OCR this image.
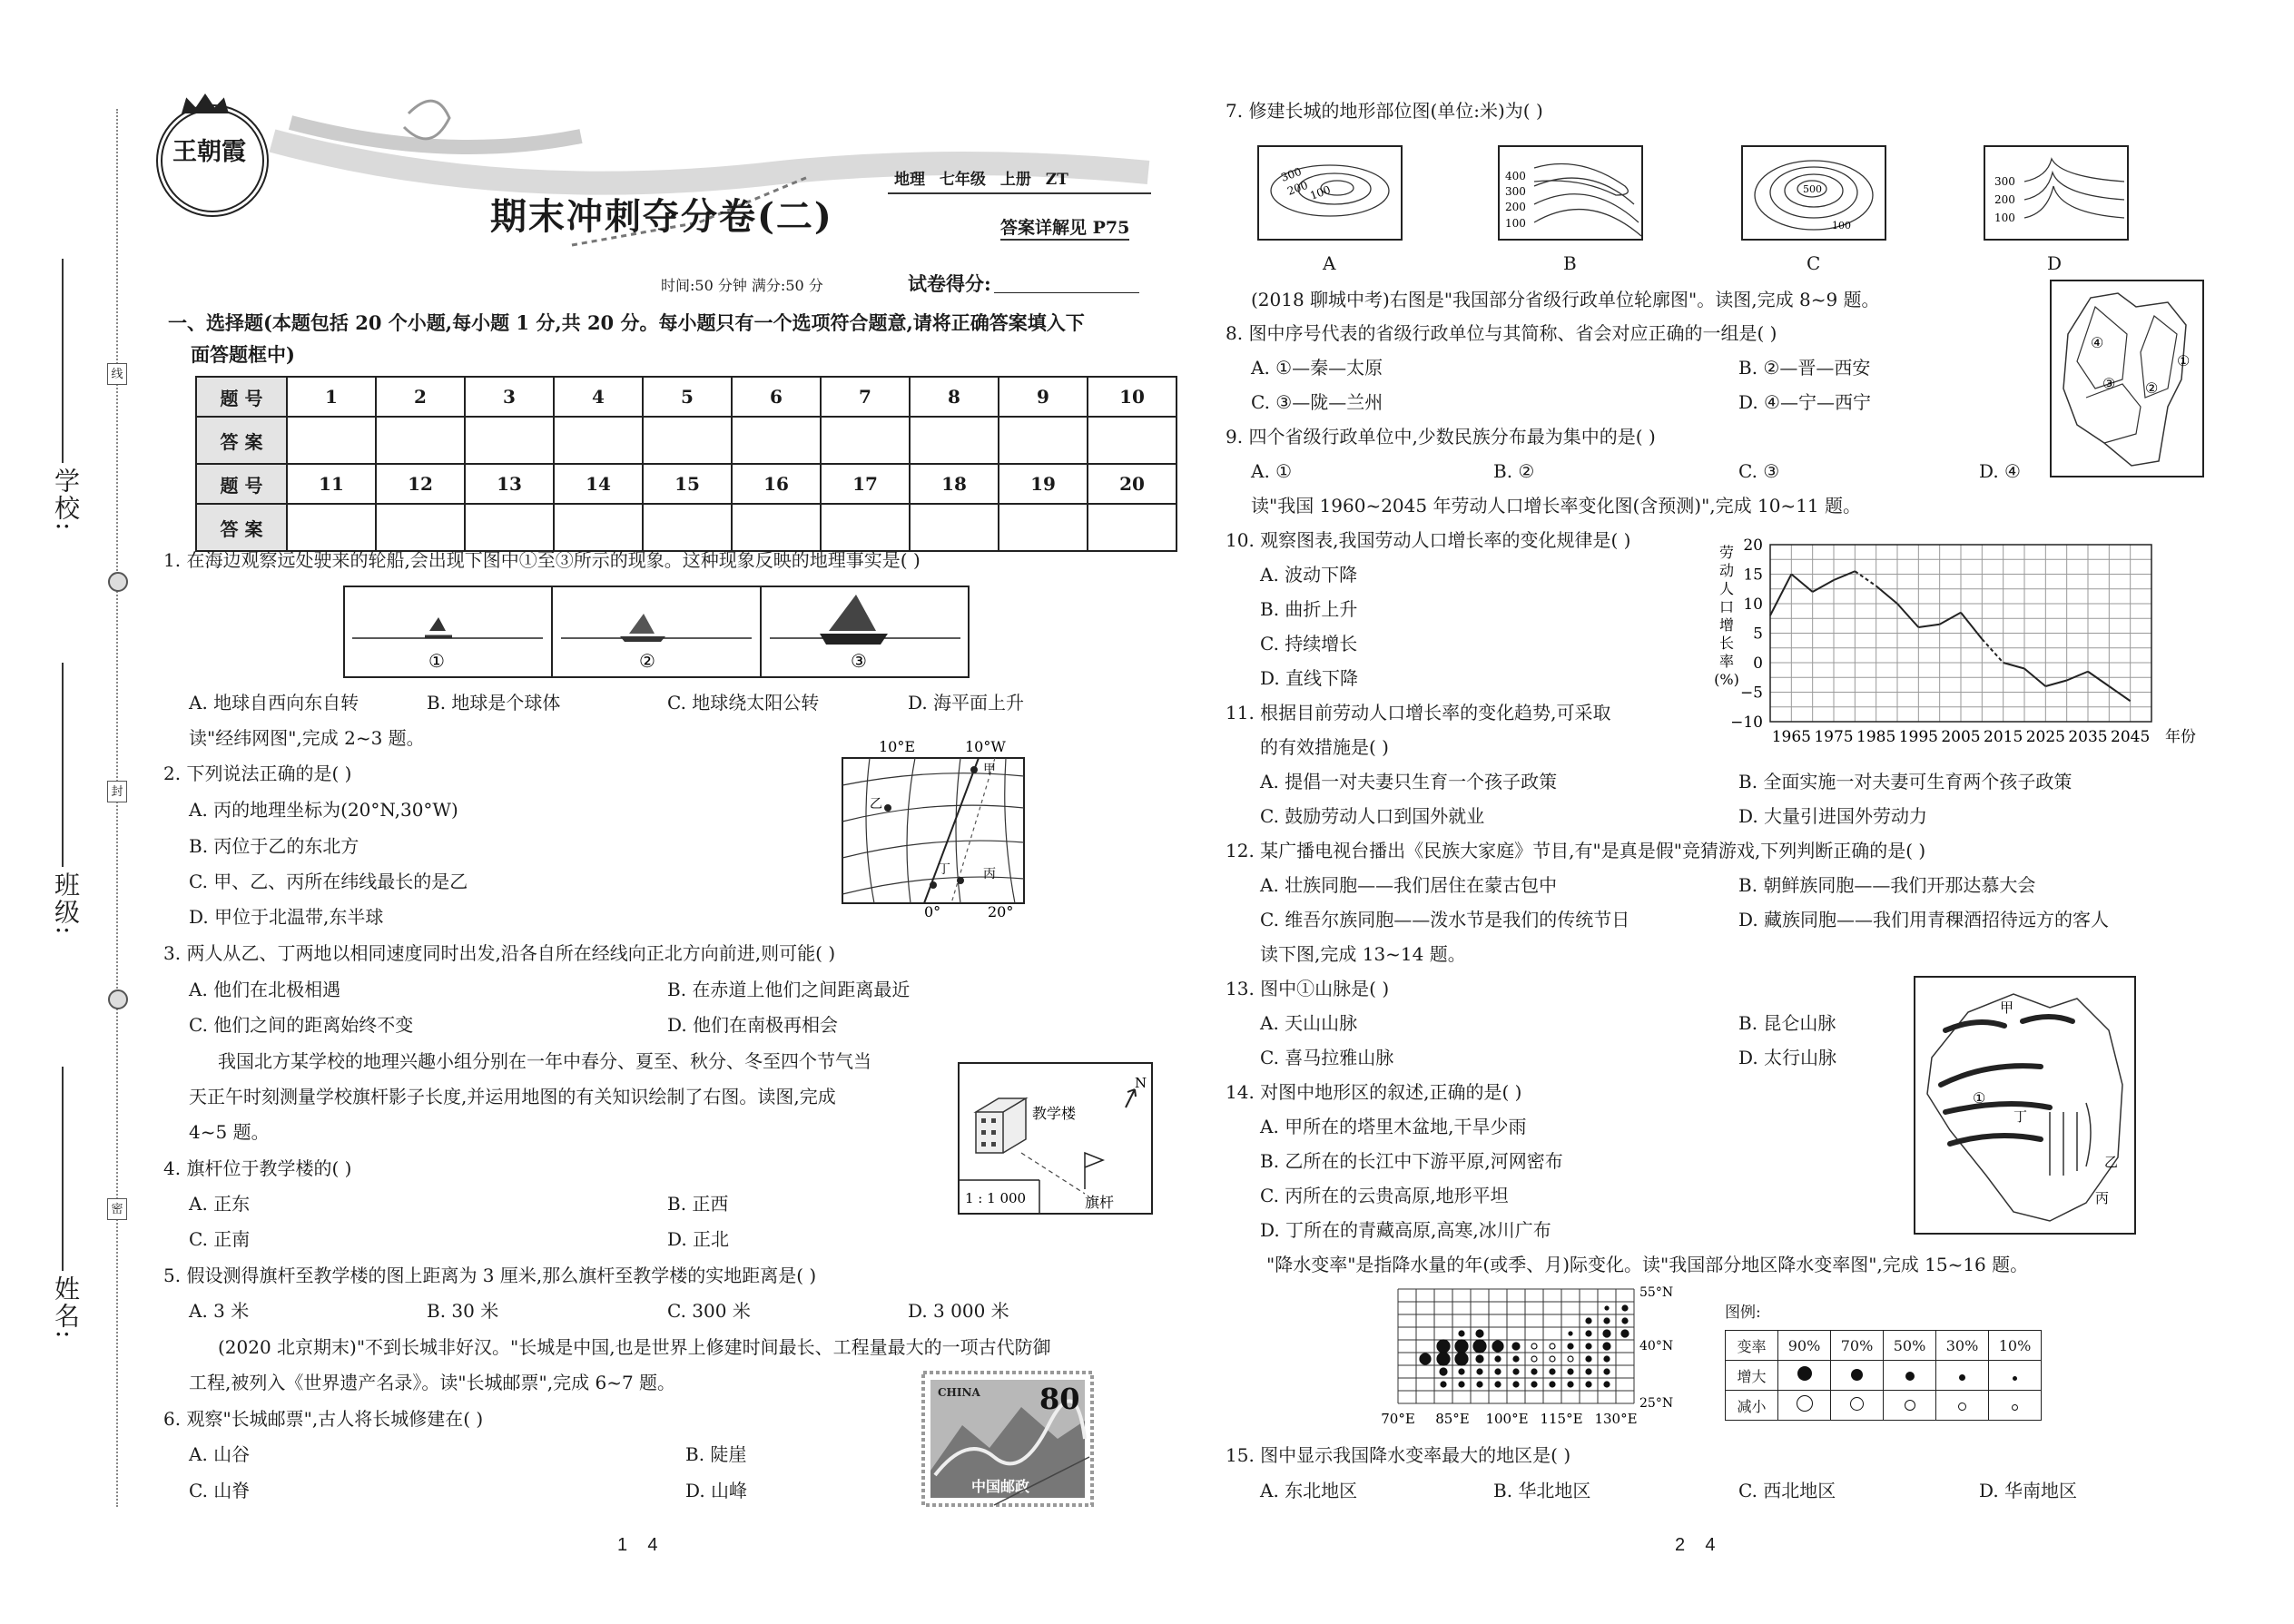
学校:
班级:
姓名:
线
封
密
王朝霞
地理 七年级 上册 ZT
期末冲刺夺分卷(二)	答案详解见 P75
时间:50 分钟 满分:50 分	试卷得分:
一、选择题(本题包括 20 个小题,每小题 1 分,共 20 分。每小题只有一个选项符合题意,请将正确答案填入下
面答题框中)
题 号	1	2	3	4	5	6	7	8	9	10
答 案										
题 号	11	12	13	14	15	16	17	18	19	20
答 案										
1. 在海边观察远处驶来的轮船,会出现下图中①至③所示的现象。这种现象反映的地理事实是( )
①	②	③
A. 地球自西向东自转	B. 地球是个球体	C. 地球绕太阳公转	D. 海平面上升
读"经纬网图",完成 2~3 题。
2. 下列说法正确的是( )
A. 丙的地理坐标为(20°N,30°W)
B. 丙位于乙的东北方
C. 甲、乙、丙所在纬线最长的是乙
D. 甲位于北温带,东半球
甲
乙
丁	丙
10°E	10°W
0°	20°
3. 两人从乙、丁两地以相同速度同时出发,沿各自所在经线向正北方向前进,则可能( )
A. 他们在北极相遇	B. 在赤道上他们之间距离最近
C. 他们之间的距离始终不变	D. 他们在南极再相会
我国北方某学校的地理兴趣小组分别在一年中春分、夏至、秋分、冬至四个节气当
天正午时刻测量学校旗杆影子长度,并运用地图的有关知识绘制了右图。读图,完成
4~5 题。
N
教学楼
旗杆
1 : 1 000
4. 旗杆位于教学楼的( )
A. 正东	B. 正西
C. 正南	D. 正北
5. 假设测得旗杆至教学楼的图上距离为 3 厘米,那么旗杆至教学楼的实地距离是( )
A. 3 米	B. 30 米	C. 300 米	D. 3 000 米
(2020 北京期末)"不到长城非好汉。"长城是中国,也是世界上修建时间最长、工程量最大的一项古代防御
工程,被列入《世界遗产名录》。读"长城邮票",完成 6~7 题。
6. 观察"长城邮票",古人将长城修建在( )
A. 山谷	B. 陡崖
C. 山脊	D. 山峰
CHINA 80
中国邮政
1    4
7. 修建长城的地形部位图(单位:米)为( )
300
200
100
400
300
200
100
500
100
300
200
100
A	B	C	D
(2018 聊城中考)右图是"我国部分省级行政单位轮廓图"。读图,完成 8~9 题。
①
②
③
④
8. 图中序号代表的省级行政单位与其简称、省会对应正确的一组是( )
A. ①—秦—太原	B. ②—晋—西安
C. ③—陇—兰州	D. ④—宁—西宁
9. 四个省级行政单位中,少数民族分布最为集中的是( )
A. ①	B. ②	C. ③	D. ④
读"我国 1960~2045 年劳动人口增长率变化图(含预测)",完成 10~11 题。
10. 观察图表,我国劳动人口增长率的变化规律是( )
A. 波动下降
B. 曲折上升
C. 持续增长
D. 直线下降
20
15
10
5
0
−5
−10
1965 1975 1985 1995 2005 2015 2025 2035 2045 年份
劳
动
人
口
增
长
率
(%)
11. 根据目前劳动人口增长率的变化趋势,可采取
的有效措施是( )
A. 提倡一对夫妻只生育一个孩子政策	B. 全面实施一对夫妻可生育两个孩子政策
C. 鼓励劳动人口到国外就业	D. 大量引进国外劳动力
12. 某广播电视台播出《民族大家庭》节目,有"是真是假"竞猜游戏,下列判断正确的是( )
A. 壮族同胞——我们居住在蒙古包中	B. 朝鲜族同胞——我们开那达慕大会
C. 维吾尔族同胞——泼水节是我们的传统节日	D. 藏族同胞——我们用青稞酒招待远方的客人
读下图,完成 13~14 题。
13. 图中①山脉是( )
A. 天山山脉	B. 昆仑山脉
C. 喜马拉雅山脉	D. 太行山脉
甲
①
丁
乙
丙
14. 对图中地形区的叙述,正确的是( )
A. 甲所在的塔里木盆地,干旱少雨
B. 乙所在的长江中下游平原,河网密布
C. 丙所在的云贵高原,地形平坦
D. 丁所在的青藏高原,高寒,冰川广布
"降水变率"是指降水量的年(或季、月)际变化。读"我国部分地区降水变率图",完成 15~16 题。
55°N
40°N
25°N
70°E 85°E 100°E 115°E 130°E
图例:
变率	90%	70%	50%	30%	10%
增大					
减小					
15. 图中显示我国降水变率最大的地区是( )
A. 东北地区	B. 华北地区	C. 西北地区	D. 华南地区
2    4
